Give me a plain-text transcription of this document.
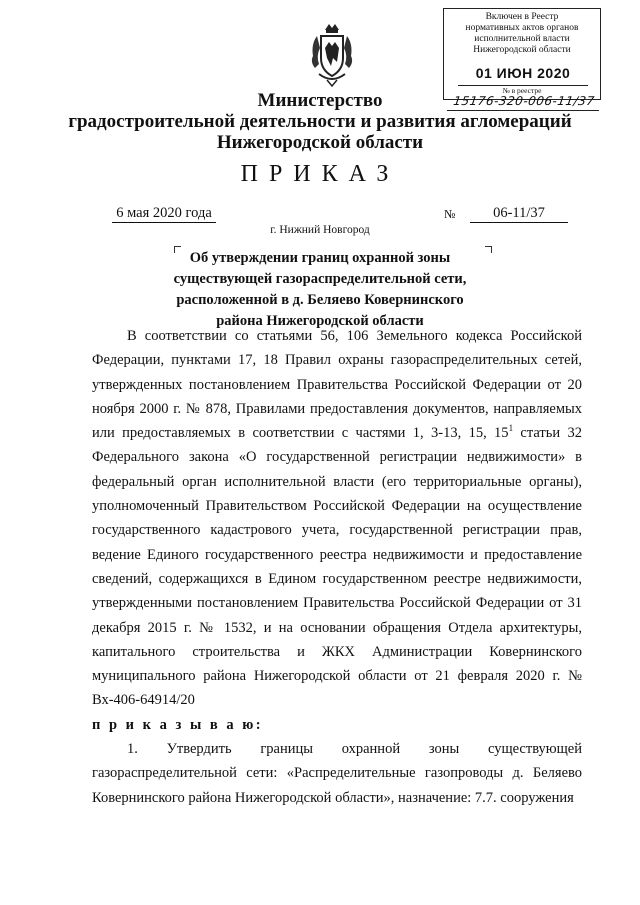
Включен в Реестр
нормативных актов органов
исполнительной власти
Нижегородской области
01 ИЮН 2020
№ в реестре
15176-320-006-11/37
Министерство
градостроительной деятельности и развития агломераций
Нижегородской области
ПРИКАЗ
6 мая 2020 года	№	06-11/37
г. Нижний Новгород
Об утверждении границ охранной зоны существующей газораспределительной сети, расположенной в д. Беляево Ковернинского района Нижегородской области

В соответствии со статьями 56, 106 Земельного кодекса Российской Федерации, пунктами 17, 18 Правил охраны газораспределительных сетей, утвержденных постановлением Правительства Российской Федерации от 20 ноября 2000 г. № 878, Правилами предоставления документов, направляемых или предоставляемых в соответствии с частями 1, 3-13, 15, $15^1$ статьи 32 Федерального закона «О государственной регистрации недвижимости» в федеральный орган исполнительной власти (его территориальные органы), уполномоченный Правительством Российской Федерации на осуществление государственного кадастрового учета, государственной регистрации прав, ведение Единого государственного реестра недвижимости и предоставление сведений, содержащихся в Едином государственном реестре недвижимости, утвержденными постановлением Правительства Российской Федерации от 31 декабря 2015 г. № 1532, и на основании обращения Отдела архитектуры, капитального строительства и ЖКХ Администрации Ковернинского муниципального района Нижегородской области от 21 февраля 2020 г. № Вх-406-64914/20

п р и к а з ы в а ю:

1. Утвердить границы охранной зоны существующей газораспределительной сети: «Распределительные газопроводы д. Беляево Ковернинского района Нижегородской области», назначение: 7.7. сооружения
